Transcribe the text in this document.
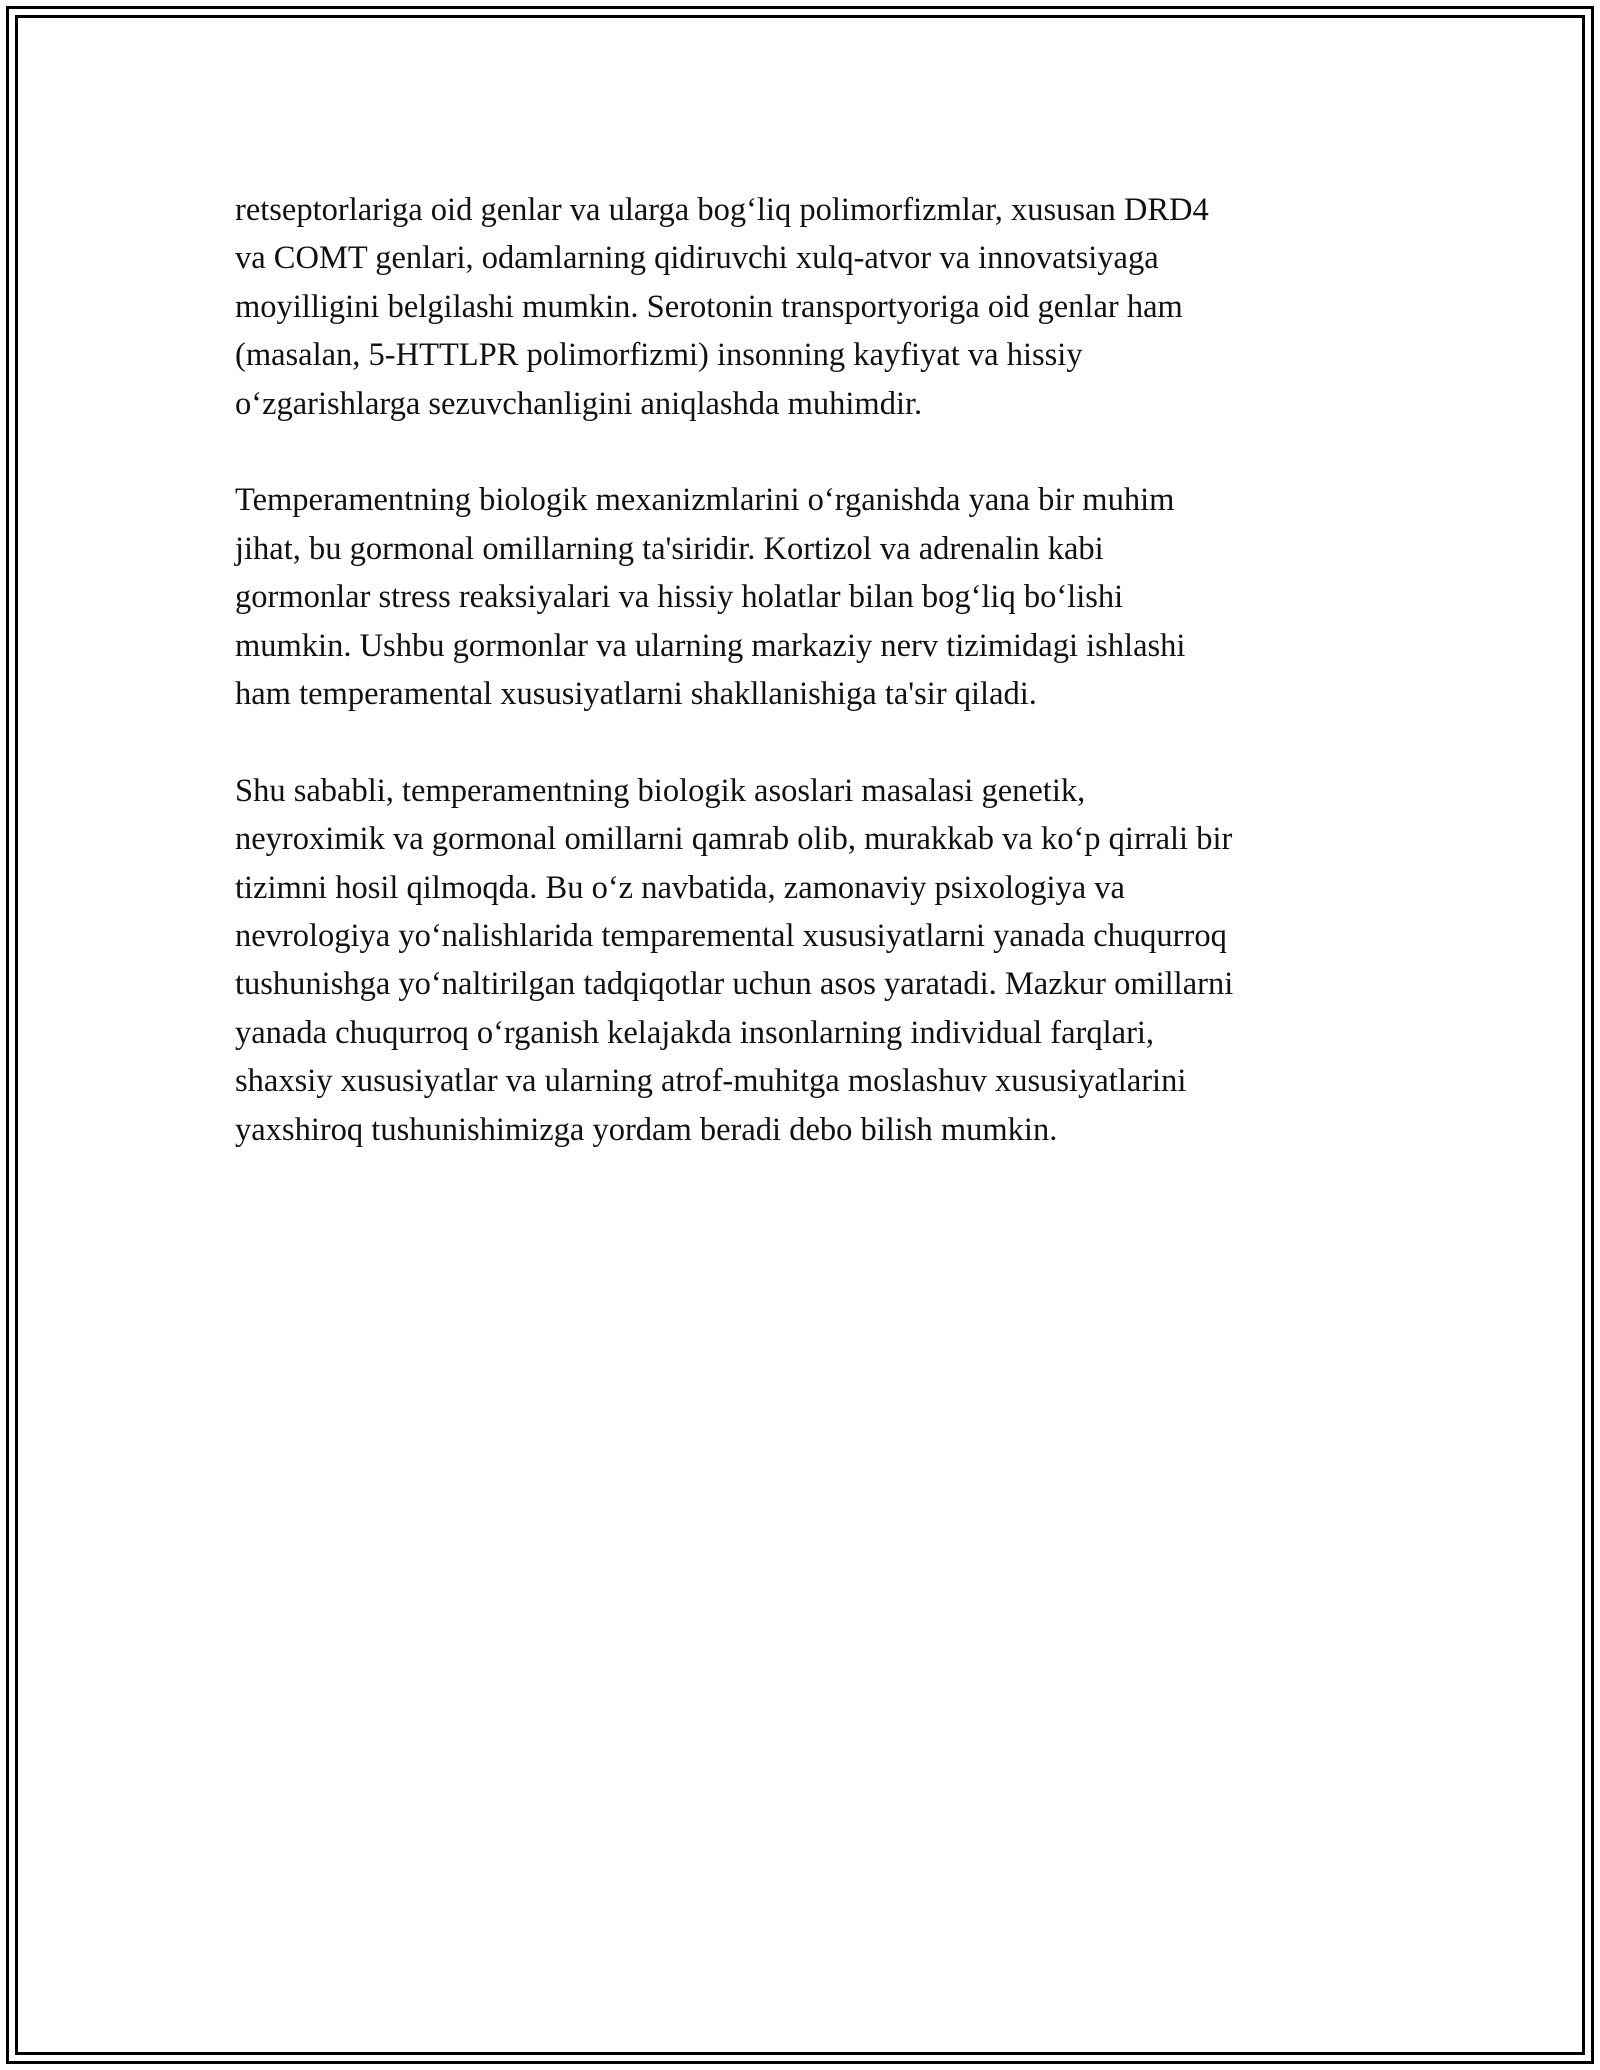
retseptorlariga oid genlar va ularga bog‘liq polimorfizmlar, xususan DRD4
va COMT genlari, odamlarning qidiruvchi xulq-atvor va innovatsiyaga
moyilligini belgilashi mumkin. Serotonin transportyoriga oid genlar ham
(masalan, 5-HTTLPR polimorfizmi) insonning kayfiyat va hissiy
o‘zgarishlarga sezuvchanligini aniqlashda muhimdir.

Temperamentning biologik mexanizmlarini o‘rganishda yana bir muhim
jihat, bu gormonal omillarning ta'siridir. Kortizol va adrenalin kabi
gormonlar stress reaksiyalari va hissiy holatlar bilan bog‘liq bo‘lishi
mumkin. Ushbu gormonlar va ularning markaziy nerv tizimidagi ishlashi
ham temperamental xususiyatlarni shakllanishiga ta'sir qiladi.

Shu sababli, temperamentning biologik asoslari masalasi genetik,
neyroximik va gormonal omillarni qamrab olib, murakkab va ko‘p qirrali bir
tizimni hosil qilmoqda. Bu o‘z navbatida, zamonaviy psixologiya va
nevrologiya yo‘nalishlarida temparemental xususiyatlarni yanada chuqurroq
tushunishga yo‘naltirilgan tadqiqotlar uchun asos yaratadi. Mazkur omillarni
yanada chuqurroq o‘rganish kelajakda insonlarning individual farqlari,
shaxsiy xususiyatlar va ularning atrof-muhitga moslashuv xususiyatlarini
yaxshiroq tushunishimizga yordam beradi debo bilish mumkin.
